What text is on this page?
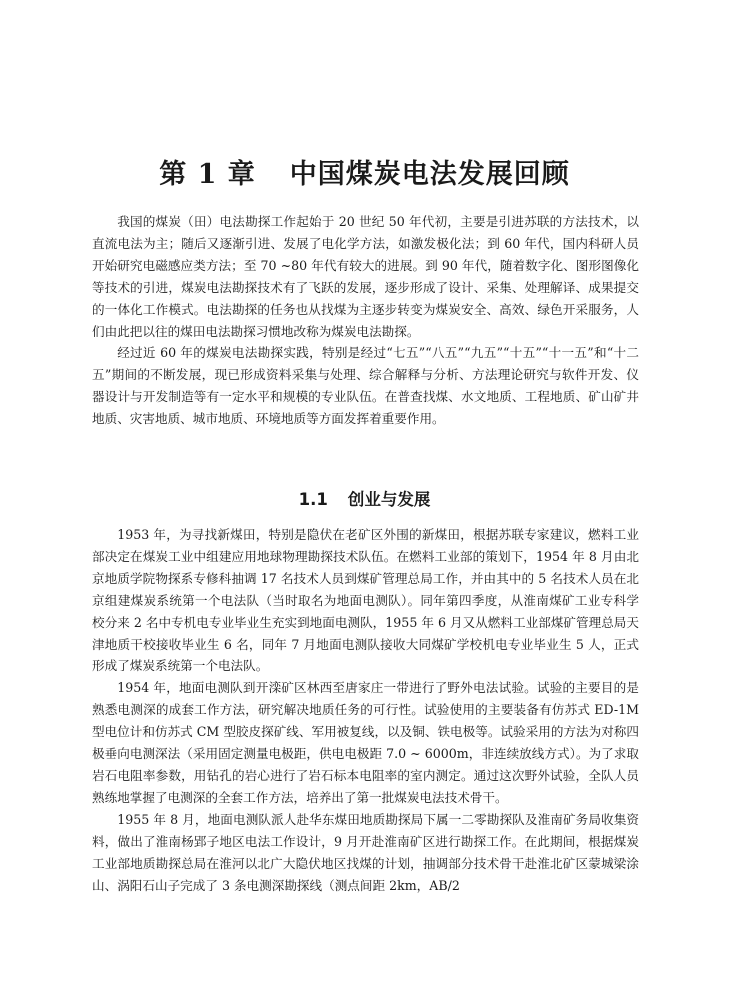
第 1 章 中国煤炭电法发展回顾

我国的煤炭（田）电法勘探工作起始于 20 世纪 50 年代初，主要是引进苏联的方法技术，以直流电法为主；随后又逐渐引进、发展了电化学方法，如激发极化法；到 60 年代，国内科研人员开始研究电磁感应类方法；至 70 ~80 年代有较大的进展。到 90 年代，随着数字化、图形图像化等技术的引进，煤炭电法勘探技术有了飞跃的发展，逐步形成了设计、采集、处理解译、成果提交的一体化工作模式。电法勘探的任务也从找煤为主逐步转变为煤炭安全、高效、绿色开采服务，人们由此把以往的煤田电法勘探习惯地改称为煤炭电法勘探。

经过近 60 年的煤炭电法勘探实践，特别是经过“七五”“八五”“九五”“十五”“十一五”和“十二五”期间的不断发展，现已形成资料采集与处理、综合解释与分析、方法理论研究与软件开发、仪器设计与开发制造等有一定水平和规模的专业队伍。在普查找煤、水文地质、工程地质、矿山矿井地质、灾害地质、城市地质、环境地质等方面发挥着重要作用。

1.1 创业与发展

1953 年，为寻找新煤田，特别是隐伏在老矿区外围的新煤田，根据苏联专家建议，燃料工业部决定在煤炭工业中组建应用地球物理勘探技术队伍。在燃料工业部的策划下，1954 年 8 月由北京地质学院物探系专修科抽调 17 名技术人员到煤矿管理总局工作，并由其中的 5 名技术人员在北京组建煤炭系统第一个电法队（当时取名为地面电测队）。同年第四季度，从淮南煤矿工业专科学校分来 2 名中专机电专业毕业生充实到地面电测队，1955 年 6 月又从燃料工业部煤矿管理总局天津地质干校接收毕业生 6 名，同年 7 月地面电测队接收大同煤矿学校机电专业毕业生 5 人，正式形成了煤炭系统第一个电法队。

1954 年，地面电测队到开滦矿区林西至唐家庄一带进行了野外电法试验。试验的主要目的是熟悉电测深的成套工作方法，研究解决地质任务的可行性。试验使用的主要装备有仿苏式 ED-1M 型电位计和仿苏式 CM 型胶皮探矿线、军用被复线，以及铜、铁电极等。试验采用的方法为对称四极垂向电测深法（采用固定测量电极距，供电电极距 7.0 ~ 6000m，非连续放线方式）。为了求取岩石电阻率参数，用钻孔的岩心进行了岩石标本电阻率的室内测定。通过这次野外试验，全队人员熟练地掌握了电测深的全套工作方法，培养出了第一批煤炭电法技术骨干。

1955 年 8 月，地面电测队派人赴华东煤田地质勘探局下属一二零勘探队及淮南矿务局收集资料，做出了淮南杨郢子地区电法工作设计，9 月开赴淮南矿区进行勘探工作。在此期间，根据煤炭工业部地质勘探总局在淮河以北广大隐伏地区找煤的计划，抽调部分技术骨干赴淮北矿区蒙城梁涂山、涡阳石山子完成了 3 条电测深勘探线（测点间距 2km，AB/2
